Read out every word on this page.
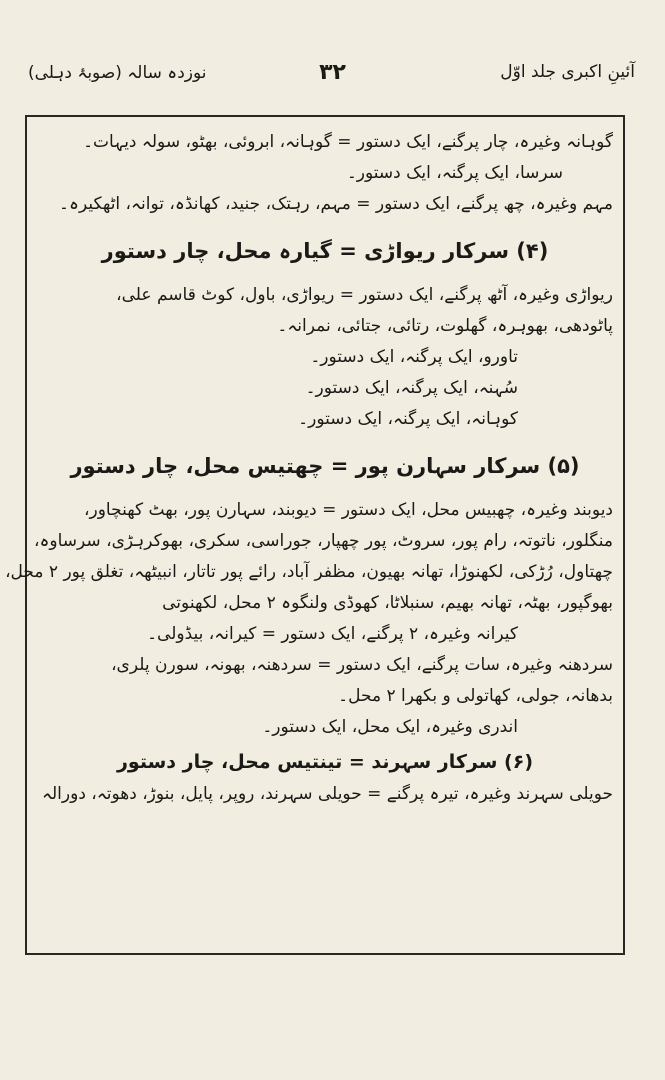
آئینِ اکبری جلد اوّل
۳۲
نوزدہ سالہ (صوبۂ دہلی)
گوہانہ وغیرہ، چار پرگنے، ایک دستور = گوہانہ، ابروئی، بھٹو، سولہ دیہات۔
سرسا، ایک پرگنہ، ایک دستور۔
مہم وغیرہ، چھ پرگنے، ایک دستور = مہم، رہتک، جنید، کھانڈہ، توانہ، اٹھکیرہ۔
(۴) سرکار ریواڑی = گیارہ محل، چار دستور
ریواڑی وغیرہ، آٹھ پرگنے، ایک دستور = ریواڑی، باول، کوٹ قاسم علی،
پاٹودھی، بھوہرہ، گھلوت، رتائی، جتائی، نمرانہ۔
تاورو، ایک پرگنہ، ایک دستور۔
سُہنہ، ایک پرگنہ، ایک دستور۔
کوہانہ، ایک پرگنہ، ایک دستور۔
(۵) سرکار سہارن پور = چھتیس محل، چار دستور
دیوبند وغیرہ، چھبیس محل، ایک دستور = دیوبند، سہارن پور، بھٹ کھنچاور،
منگلور، ناتوتہ، رام پور، سروٹ، پور چھپار، جوراسی، سکری، بھوکرہڑی، سرساوہ،
چھتاول، رُڑکی، لکھنوڑا، تھانہ بھیون، مظفر آباد، رائے پور تاتار، انبیٹھہ، تغلق پور ۲ محل،
بھوگپور، بھٹہ، تھانہ بھیم، سنبلاٹا، کھوڈی ولنگوہ ۲ محل، لکھنوتی
کیرانہ وغیرہ، ۲ پرگنے، ایک دستور = کیرانہ، بیڈولی۔
سردھنہ وغیرہ، سات پرگنے، ایک دستور = سردھنہ، بھونہ، سورن پلری،
بدھانہ، جولی، کھاتولی و بکھرا ۲ محل۔
اندری وغیرہ، ایک محل، ایک دستور۔
(۶) سرکار سہرند = تینتیس محل، چار دستور
حویلی سہرند وغیرہ، تیرہ پرگنے = حویلی سہرند، روپر، پایل، بنوڑ، دھوتہ، دورالہ
